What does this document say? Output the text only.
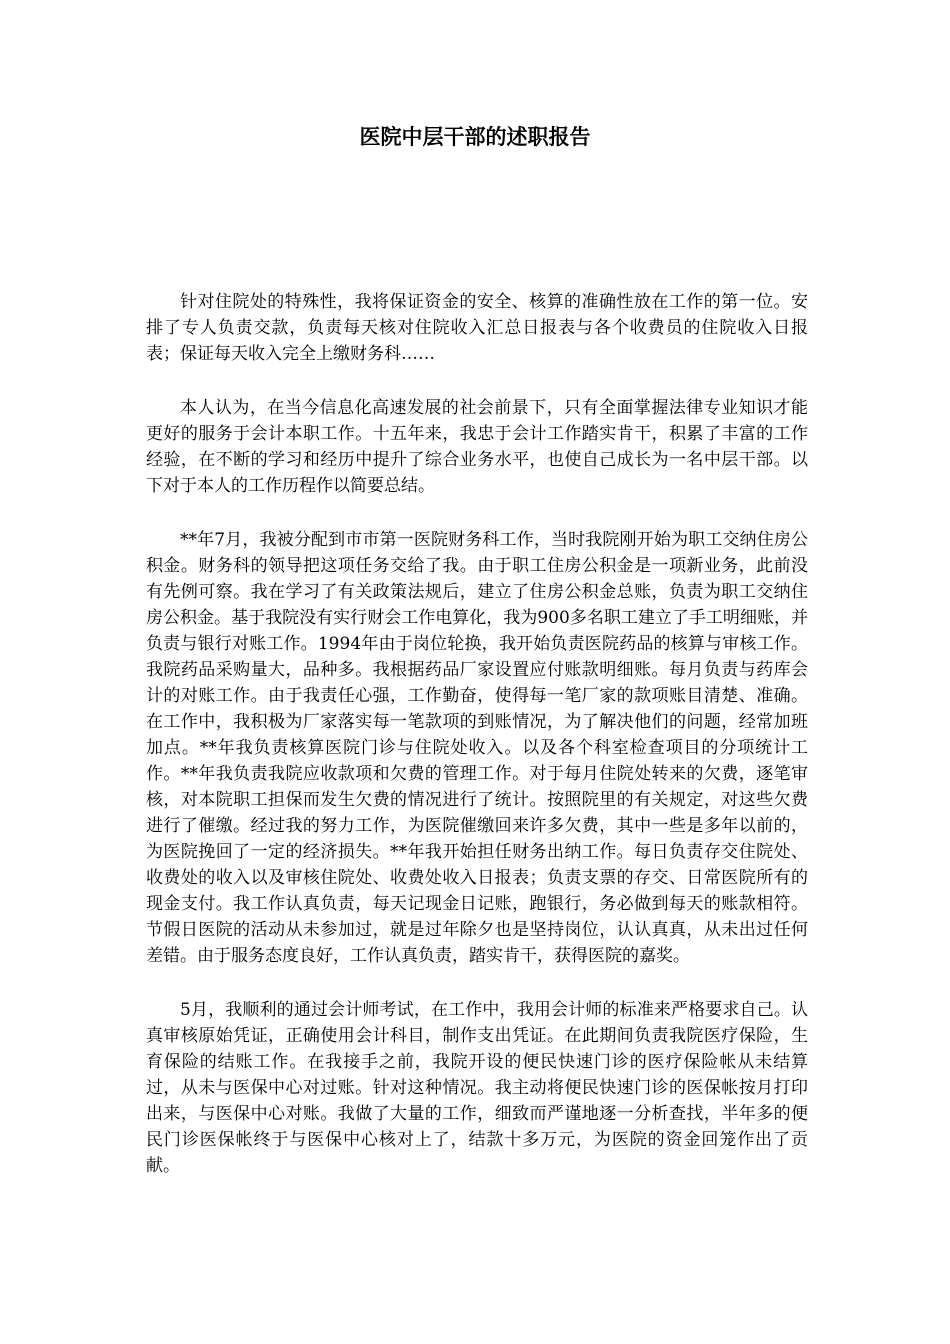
医院中层干部的述职报告

针对住院处的特殊性，我将保证资金的安全、核算的准确性放在工作的第一位。安排了专人负责交款，负责每天核对住院收入汇总日报表与各个收费员的住院收入日报表；保证每天收入完全上缴财务科……

本人认为，在当今信息化高速发展的社会前景下，只有全面掌握法律专业知识才能更好的服务于会计本职工作。十五年来，我忠于会计工作踏实肯干，积累了丰富的工作经验，在不断的学习和经历中提升了综合业务水平，也使自己成长为一名中层干部。以下对于本人的工作历程作以简要总结。

**年7月，我被分配到市市第一医院财务科工作，当时我院刚开始为职工交纳住房公积金。财务科的领导把这项任务交给了我。由于职工住房公积金是一项新业务，此前没有先例可察。我在学习了有关政策法规后，建立了住房公积金总账，负责为职工交纳住房公积金。基于我院没有实行财会工作电算化，我为900多名职工建立了手工明细账，并负责与银行对账工作。1994年由于岗位轮换，我开始负责医院药品的核算与审核工作。我院药品采购量大，品种多。我根据药品厂家设置应付账款明细账。每月负责与药库会计的对账工作。由于我责任心强，工作勤奋，使得每一笔厂家的款项账目清楚、准确。在工作中，我积极为厂家落实每一笔款项的到账情况，为了解决他们的问题，经常加班加点。**年我负责核算医院门诊与住院处收入。以及各个科室检查项目的分项统计工作。**年我负责我院应收款项和欠费的管理工作。对于每月住院处转来的欠费，逐笔审核，对本院职工担保而发生欠费的情况进行了统计。按照院里的有关规定，对这些欠费进行了催缴。经过我的努力工作，为医院催缴回来许多欠费，其中一些是多年以前的，为医院挽回了一定的经济损失。**年我开始担任财务出纳工作。每日负责存交住院处、收费处的收入以及审核住院处、收费处收入日报表；负责支票的存交、日常医院所有的现金支付。我工作认真负责，每天记现金日记账，跑银行，务必做到每天的账款相符。节假日医院的活动从未参加过，就是过年除夕也是坚持岗位，认认真真，从未出过任何差错。由于服务态度良好，工作认真负责，踏实肯干，获得医院的嘉奖。

5月，我顺利的通过会计师考试，在工作中，我用会计师的标准来严格要求自己。认真审核原始凭证，正确使用会计科目，制作支出凭证。在此期间负责我院医疗保险，生育保险的结账工作。在我接手之前，我院开设的便民快速门诊的医疗保险帐从未结算过，从未与医保中心对过账。针对这种情况。我主动将便民快速门诊的医保帐按月打印出来，与医保中心对账。我做了大量的工作，细致而严谨地逐一分析查找，半年多的便民门诊医保帐终于与医保中心核对上了，结款十多万元，为医院的资金回笼作出了贡献。
